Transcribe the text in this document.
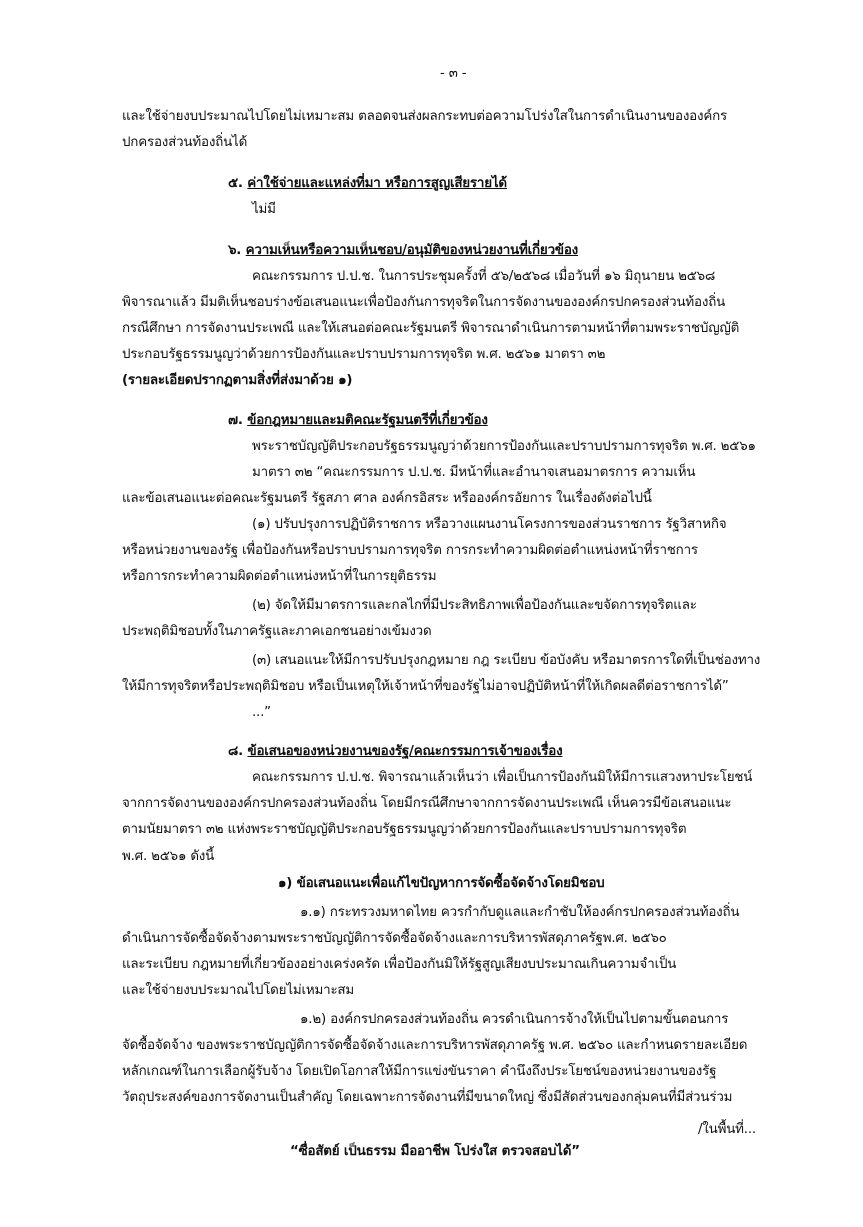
- ๓ -
และใช้จ่ายงบประมาณไปโดยไม่เหมาะสม ตลอดจนส่งผลกระทบต่อความโปร่งใสในการดำเนินงานขององค์กร
ปกครองส่วนท้องถิ่นได้
๕. ค่าใช้จ่ายและแหล่งที่มา หรือการสูญเสียรายได้
ไม่มี
๖. ความเห็นหรือความเห็นชอบ/อนุมัติของหน่วยงานที่เกี่ยวข้อง
คณะกรรมการ ป.ป.ช. ในการประชุมครั้งที่ ๕๖/๒๕๖๘ เมื่อวันที่ ๑๖ มิถุนายน ๒๕๖๘
พิจารณาแล้ว มีมติเห็นชอบร่างข้อเสนอแนะเพื่อป้องกันการทุจริตในการจัดงานขององค์กรปกครองส่วนท้องถิ่น
กรณีศึกษา การจัดงานประเพณี และให้เสนอต่อคณะรัฐมนตรี พิจารณาดำเนินการตามหน้าที่ตามพระราชบัญญัติ
ประกอบรัฐธรรมนูญว่าด้วยการป้องกันและปราบปรามการทุจริต พ.ศ. ๒๕๖๑ มาตรา ๓๒
(รายละเอียดปรากฏตามสิ่งที่ส่งมาด้วย ๑)
๗. ข้อกฎหมายและมติคณะรัฐมนตรีที่เกี่ยวข้อง
พระราชบัญญัติประกอบรัฐธรรมนูญว่าด้วยการป้องกันและปราบปรามการทุจริต พ.ศ. ๒๕๖๑
มาตรา ๓๒ “คณะกรรมการ ป.ป.ช. มีหน้าที่และอำนาจเสนอมาตรการ ความเห็น
และข้อเสนอแนะต่อคณะรัฐมนตรี รัฐสภา ศาล องค์กรอิสระ หรือองค์กรอัยการ ในเรื่องดังต่อไปนี้
(๑) ปรับปรุงการปฏิบัติราชการ หรือวางแผนงานโครงการของส่วนราชการ รัฐวิสาหกิจ
หรือหน่วยงานของรัฐ เพื่อป้องกันหรือปราบปรามการทุจริต การกระทำความผิดต่อตำแหน่งหน้าที่ราชการ
หรือการกระทำความผิดต่อตำแหน่งหน้าที่ในการยุติธรรม
(๒) จัดให้มีมาตรการและกลไกที่มีประสิทธิภาพเพื่อป้องกันและขจัดการทุจริตและ
ประพฤติมิชอบทั้งในภาครัฐและภาคเอกชนอย่างเข้มงวด
(๓) เสนอแนะให้มีการปรับปรุงกฎหมาย กฎ ระเบียบ ข้อบังคับ หรือมาตรการใดที่เป็นช่องทาง
ให้มีการทุจริตหรือประพฤติมิชอบ หรือเป็นเหตุให้เจ้าหน้าที่ของรัฐไม่อาจปฏิบัติหน้าที่ให้เกิดผลดีต่อราชการได้”
...”
๘. ข้อเสนอของหน่วยงานของรัฐ/คณะกรรมการเจ้าของเรื่อง
คณะกรรมการ ป.ป.ช. พิจารณาแล้วเห็นว่า เพื่อเป็นการป้องกันมิให้มีการแสวงหาประโยชน์
จากการจัดงานขององค์กรปกครองส่วนท้องถิ่น โดยมีกรณีศึกษาจากการจัดงานประเพณี เห็นควรมีข้อเสนอแนะ
ตามนัยมาตรา ๓๒ แห่งพระราชบัญญัติประกอบรัฐธรรมนูญว่าด้วยการป้องกันและปราบปรามการทุจริต
พ.ศ. ๒๕๖๑ ดังนี้
๑) ข้อเสนอแนะเพื่อแก้ไขปัญหาการจัดซื้อจัดจ้างโดยมิชอบ
๑.๑) กระทรวงมหาดไทย ควรกำกับดูแลและกำชับให้องค์กรปกครองส่วนท้องถิ่น
ดำเนินการจัดซื้อจัดจ้างตามพระราชบัญญัติการจัดซื้อจัดจ้างและการบริหารพัสดุภาครัฐพ.ศ. ๒๕๖๐
และระเบียบ กฎหมายที่เกี่ยวข้องอย่างเคร่งครัด เพื่อป้องกันมิให้รัฐสูญเสียงบประมาณเกินความจำเป็น
และใช้จ่ายงบประมาณไปโดยไม่เหมาะสม
๑.๒) องค์กรปกครองส่วนท้องถิ่น ควรดำเนินการจ้างให้เป็นไปตามขั้นตอนการ
จัดซื้อจัดจ้าง ของพระราชบัญญัติการจัดซื้อจัดจ้างและการบริหารพัสดุภาครัฐ พ.ศ. ๒๕๖๐ และกำหนดรายละเอียด
หลักเกณฑ์ในการเลือกผู้รับจ้าง โดยเปิดโอกาสให้มีการแข่งขันราคา คำนึงถึงประโยชน์ของหน่วยงานของรัฐ
วัตถุประสงค์ของการจัดงานเป็นสำคัญ โดยเฉพาะการจัดงานที่มีขนาดใหญ่ ซึ่งมีสัดส่วนของกลุ่มคนที่มีส่วนร่วม
/ในพื้นที่...
“ซื่อสัตย์ เป็นธรรม มืออาชีพ โปร่งใส ตรวจสอบได้”
